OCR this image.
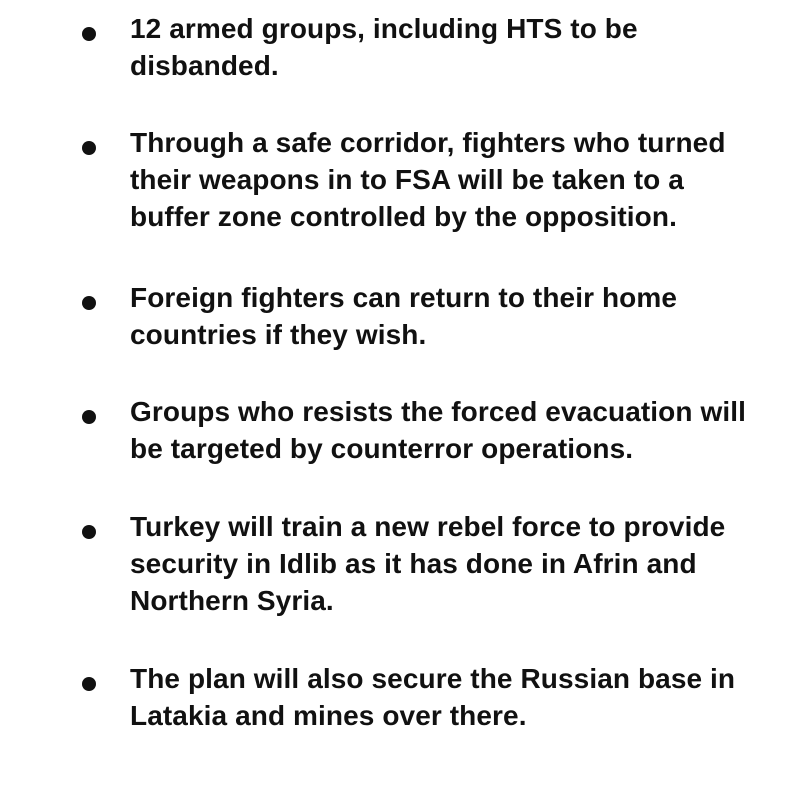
12 armed groups, including HTS to be disbanded.
Through a safe corridor, fighters who turned their weapons in to FSA will be taken to a buffer zone controlled by the opposition.
Foreign fighters can return to their home countries if they wish.
Groups who resists the forced evacuation will be targeted by counterror operations.
Turkey will train a new rebel force to provide security in Idlib as it has done in Afrin and Northern Syria.
The plan will also secure the Russian base in Latakia and mines over there.
